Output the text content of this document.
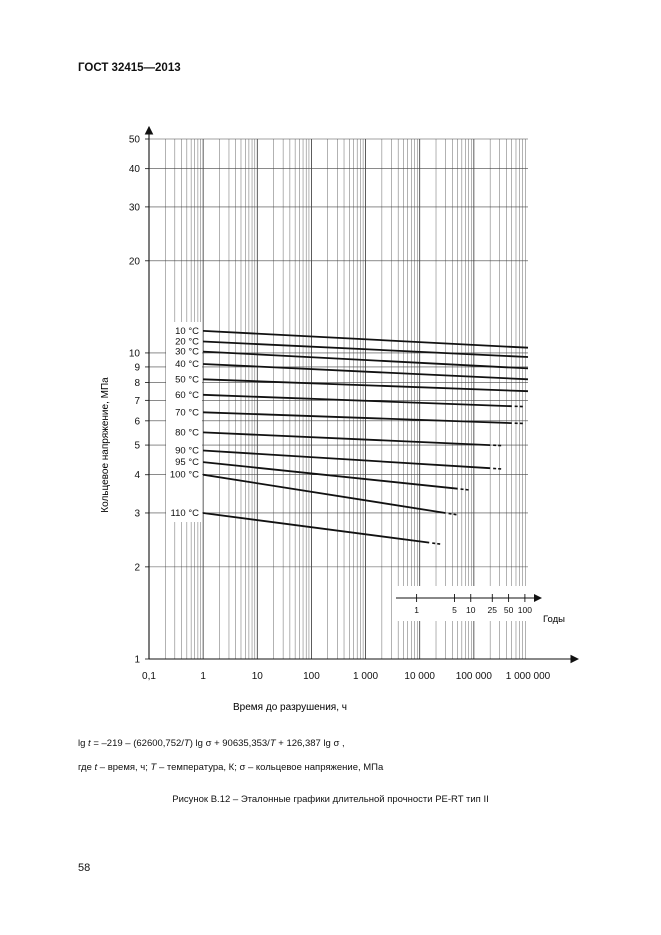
ГОСТ 32415—2013
1	5 10 25 50 100
1
2
3
4
5
6
7
8
9
10
20
30
40
50
0,1	1	10	100	1 000	10 000 100 000 1 000 000
10 °C
20 °C
30 °C
40 °C
50 °C
60 °C
70 °C
80 °C
90 °C
95 °C
100 °C
110 °C
Кольцевое напряжение, МПа
Время до разрушения, ч
Годы
lg t = –219 – (62600,752/T) lg σ + 90635,353/T + 126,387 lg σ ,
где t – время, ч; T – температура, К; σ – кольцевое напряжение, МПа
Рисунок В.12 – Эталонные графики длительной прочности PE-RT тип II
58
